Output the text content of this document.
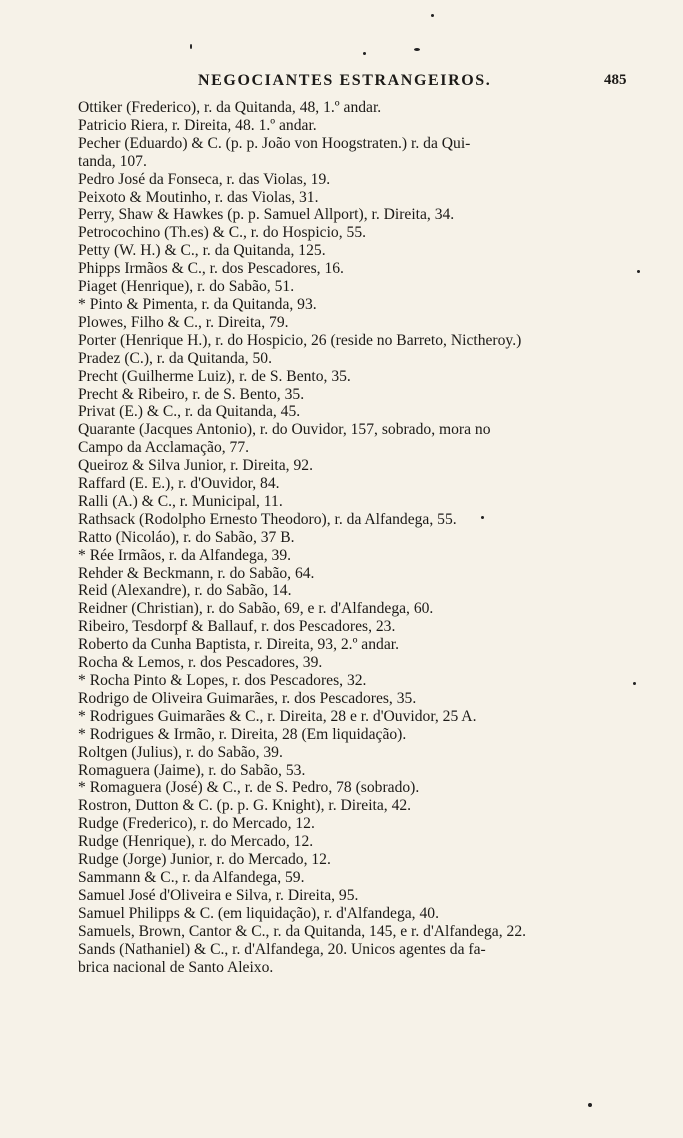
NEGOCIANTES ESTRANGEIROS.	485
Ottiker (Frederico), r. da Quitanda, 48, 1.º andar.
Patricio Riera, r. Direita, 48. 1.º andar.
Pecher (Eduardo) & C. (p. p. João von Hoogstraten.) r. da Qui-
tanda, 107.
Pedro José da Fonseca, r. das Violas, 19.
Peixoto & Moutinho, r. das Violas, 31.
Perry, Shaw & Hawkes (p. p. Samuel Allport), r. Direita, 34.
Petrocochino (Th.es) & C., r. do Hospicio, 55.
Petty (W. H.) & C., r. da Quitanda, 125.
Phipps Irmãos & C., r. dos Pescadores, 16.
Piaget (Henrique), r. do Sabão, 51.
* Pinto & Pimenta, r. da Quitanda, 93.
Plowes, Filho & C., r. Direita, 79.
Porter (Henrique H.), r. do Hospicio, 26 (reside no Barreto, Nictheroy.)
Pradez (C.), r. da Quitanda, 50.
Precht (Guilherme Luiz), r. de S. Bento, 35.
Precht & Ribeiro, r. de S. Bento, 35.
Privat (E.) & C., r. da Quitanda, 45.
Quarante (Jacques Antonio), r. do Ouvidor, 157, sobrado, mora no
Campo da Acclamação, 77.
Queiroz & Silva Junior, r. Direita, 92.
Raffard (E. E.), r. d'Ouvidor, 84.
Ralli (A.) & C., r. Municipal, 11.
Rathsack (Rodolpho Ernesto Theodoro), r. da Alfandega, 55.
Ratto (Nicoláo), r. do Sabão, 37 B.
* Rée Irmãos, r. da Alfandega, 39.
Rehder & Beckmann, r. do Sabão, 64.
Reid (Alexandre), r. do Sabão, 14.
Reidner (Christian), r. do Sabão, 69, e r. d'Alfandega, 60.
Ribeiro, Tesdorpf & Ballauf, r. dos Pescadores, 23.
Roberto da Cunha Baptista, r. Direita, 93, 2.º andar.
Rocha & Lemos, r. dos Pescadores, 39.
* Rocha Pinto & Lopes, r. dos Pescadores, 32.
Rodrigo de Oliveira Guimarães, r. dos Pescadores, 35.
* Rodrigues Guimarães & C., r. Direita, 28 e r. d'Ouvidor, 25 A.
* Rodrigues & Irmão, r. Direita, 28 (Em liquidação).
Roltgen (Julius), r. do Sabão, 39.
Romaguera (Jaime), r. do Sabão, 53.
* Romaguera (José) & C., r. de S. Pedro, 78 (sobrado).
Rostron, Dutton & C. (p. p. G. Knight), r. Direita, 42.
Rudge (Frederico), r. do Mercado, 12.
Rudge (Henrique), r. do Mercado, 12.
Rudge (Jorge) Junior, r. do Mercado, 12.
Sammann & C., r. da Alfandega, 59.
Samuel José d'Oliveira e Silva, r. Direita, 95.
Samuel Philipps & C. (em liquidação), r. d'Alfandega, 40.
Samuels, Brown, Cantor & C., r. da Quitanda, 145, e r. d'Alfandega, 22.
Sands (Nathaniel) & C., r. d'Alfandega, 20. Unicos agentes da fa-
brica nacional de Santo Aleixo.
